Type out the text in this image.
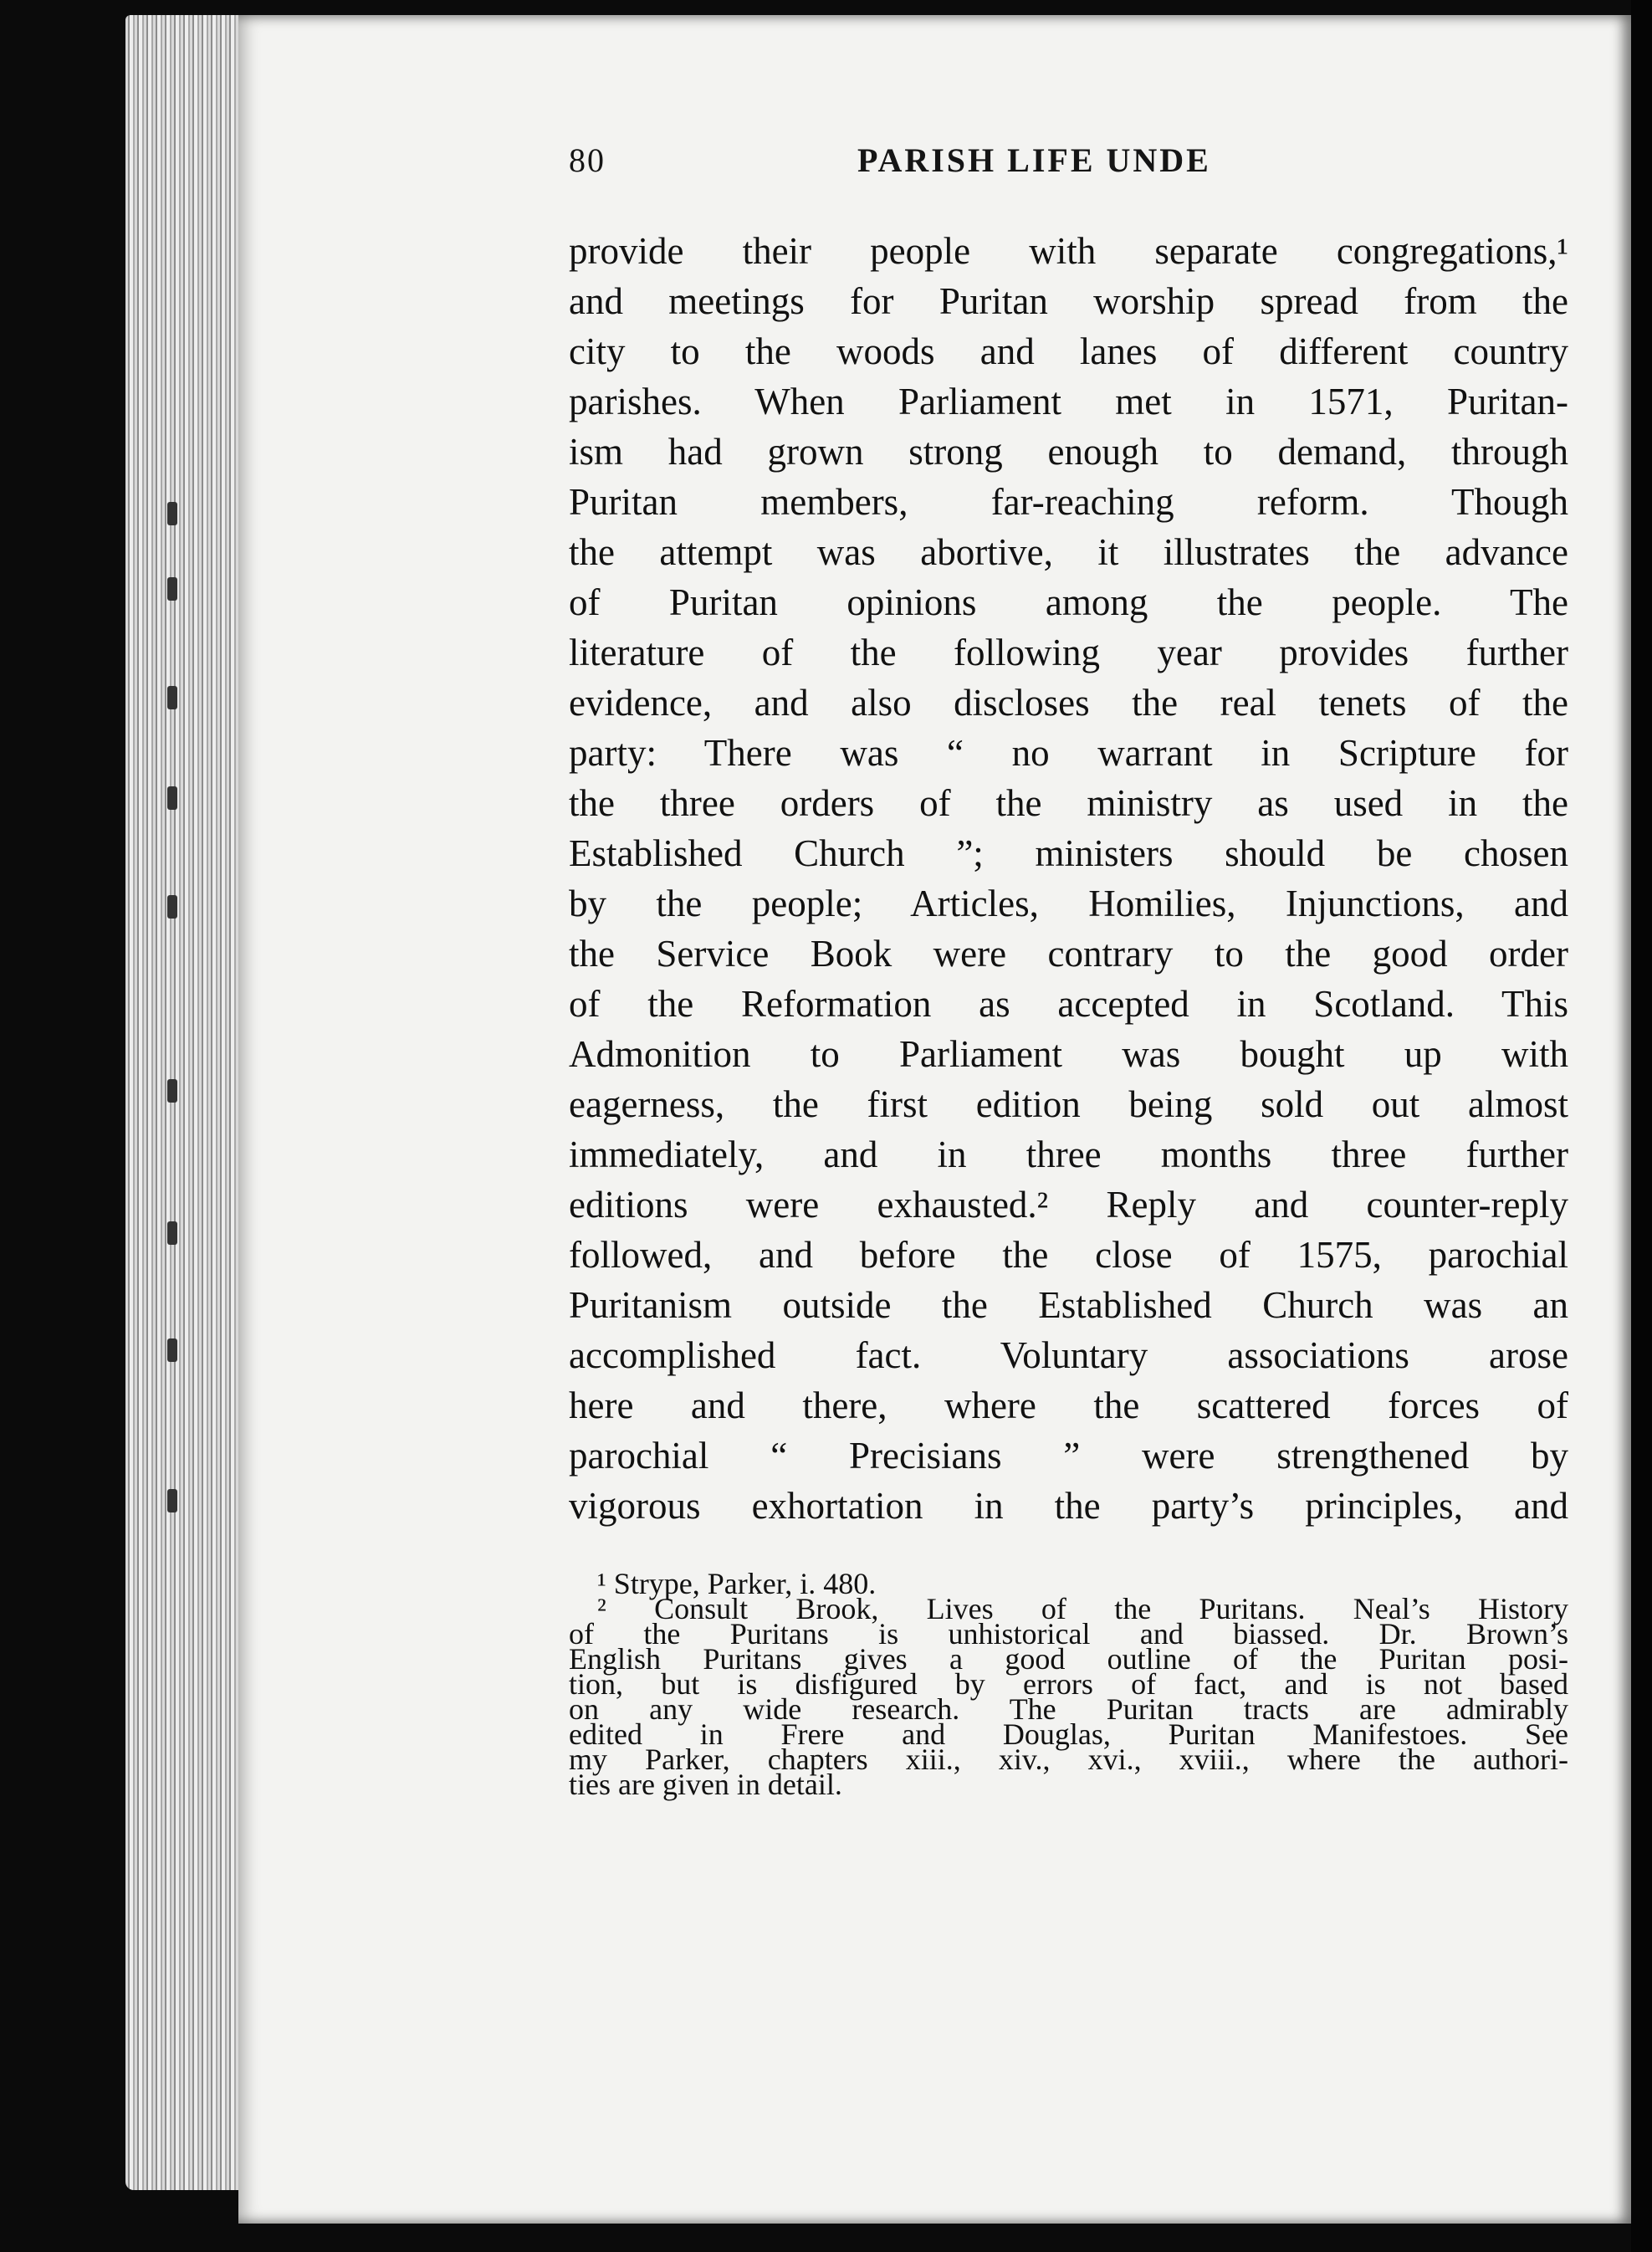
80	PARISH LIFE UNDE
provide their people with separate congregations,¹
and meetings for Puritan worship spread from the
city to the woods and lanes of different country
parishes. When Parliament met in 1571, Puritan-
ism had grown strong enough to demand, through
Puritan members, far-reaching reform. Though
the attempt was abortive, it illustrates the advance
of Puritan opinions among the people. The
literature of the following year provides further
evidence, and also discloses the real tenets of the
party: There was “ no warrant in Scripture for
the three orders of the ministry as used in the
Established Church ”; ministers should be chosen
by the people; Articles, Homilies, Injunctions, and
the Service Book were contrary to the good order
of the Reformation as accepted in Scotland. This
Admonition to Parliament was bought up with
eagerness, the first edition being sold out almost
immediately, and in three months three further
editions were exhausted.² Reply and counter-reply
followed, and before the close of 1575, parochial
Puritanism outside the Established Church was an
accomplished fact. Voluntary associations arose
here and there, where the scattered forces of
parochial “ Precisians ” were strengthened by
vigorous exhortation in the party’s principles, and
¹ Strype, Parker, i. 480.
² Consult Brook, Lives of the Puritans. Neal’s History
of the Puritans is unhistorical and biassed. Dr. Brown’s
English Puritans gives a good outline of the Puritan posi-
tion, but is disfigured by errors of fact, and is not based
on any wide research. The Puritan tracts are admirably
edited in Frere and Douglas, Puritan Manifestoes. See
my Parker, chapters xiii., xiv., xvi., xviii., where the authori-
ties are given in detail.
